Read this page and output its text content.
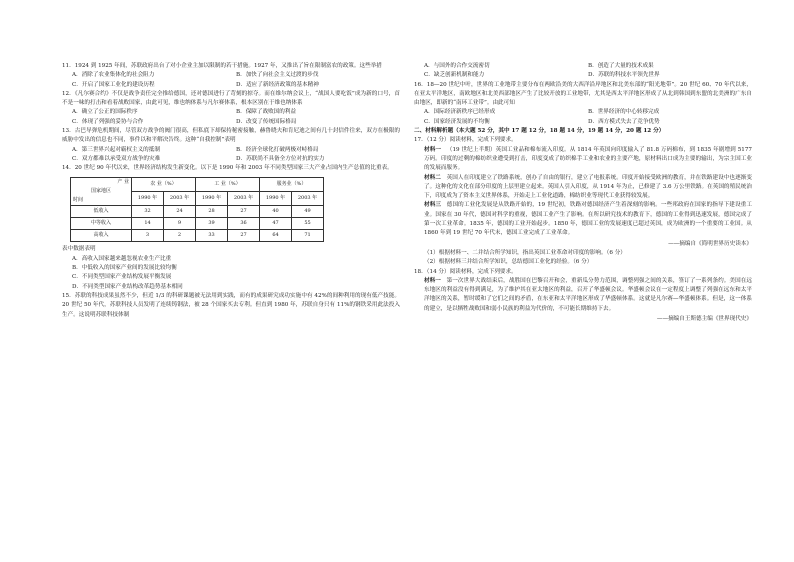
11．1924 到 1925 年间，苏联政府出台了对小企业主加以限制的若干措施。1927 年，又推出了旨在限制富农的政策。这些举措

A．消除了农业集体化的社会阻力	B．加快了向社会主义过渡的步伐
C．开启了国家工业化的建设历程	D．适应了新经济政策的基本精神

12．《凡尔赛合约》不仅是战争责任完全推给德国，还对德国进行了苛刻的掠夺。而在维尔纳会议上，“战国人要吃饭”成为新的口号，首不是一味的打击和看着战败国家，由此可见，维也纳体系与凡尔赛体系，根本区别在于维也纳体系

A．确立了公正的国际秩序	B．保障了战败国的利益
C．体现了列强的妥协与合作	D．改变了传统国际格局

13．古巴导弹危机期间，尽管双方战争的阀门很高，但私底下却保持秘密接触，赫鲁晓夫和肯尼迪之间有几十封信件往来，双方在极限的威胁中发出的信息也不同，事件以和平解决告终。这种“自我控制”表明

A．第三世界兴起对霸权主义的抵制	B．经济全球化打破两极对峙格局
C．双方都难以承受双方战争的灾难	D．苏联尚不具备全方位对抗的实力

14．20 世纪 90 年代以来，世界经济结构发生新变化。以下是 1990 年和 2003 年不同类型国家三大产业占国内生产总值的比重表。

产 业
国家地区
时间	农 业（%）		工 业（%）		服务业（%）	
	1990 年	2003 年	1990 年	2003 年	1990 年	2003 年
低收入	32	24	28	27	40	49
中等收入	14	9	39	36	47	55
高收入	3	2	33	27	64	71

表中数据表明

A．高收入国家越来越忽视农业生产比重
B．中低收入的国家产业间的发展比较均衡
C．不同类型国家产业结构发展平衡发展
D．不同类型国家产业结构改革趋势基本相同

15．苏联的科技成果虽然不少，但近 1/3 的科研课题被无法用到实践，而有的成果研究成功实施中有 42%的间种利用的现有低产技能。20 世纪 50 年代，苏联科技人员发明了连续铸钢法，被 28 个国家买去专利。但直到 1980 年，苏联自身只有 11%的钢铁采用此法投入生产。这说明苏联科技体制

A．与国外的合作交流密切	B．创造了大量的技术成果
C．缺乏创新机制和能力	D．苏联的科技水平领先世界

16．18—20 世纪中叶，世界的工业地带主要分布在两欧沿美的大西洋沿岸地区和北美东部的“阳光地带”。20 世纪 60、70 年代以来，在亚太平洋地区，南欧地区和北美西部地区产生了比较开放的工业地带，尤其是西太平洋地区形成了从北到韩国到东盟的北美洲的广东自由地区，即新的“南环工业带”。由此可知

A．国际经济新秩序已经形成	B．世界经济的中心转移完成
C．国家经济发展的不均衡	D．西方模式失去了竞争优势

二、材料解析题（本大题 52 分，其中 17 题 12 分，18 题 14 分，19 题 14 分，20 题 12 分）

17．（12 分）阅读材料，完成下列要求。

材料一  （19 世纪上半期）英国工业品和棉布流入印度。从 1814 年英国向印度输入了 81.8 万码棉布，到 1835 年剧增到 5177 万码。印度的过剩的棉纺织业遭受到打击，印度变成了纺织棉手工业和农业的主要产地，原材料出口成为主要的输出，为宗主国工业的发展而服务。

材料二  英国人在印度建立了铁路系统，创办了自由的银行，建立了电报系统。印度开始接受欧洲的教育，并在铁路建设中也逐渐变了。这种化的文化在部分印度的上层里建立起来。英国人引入印度，从 1914 年为止，已修建了 3.6 万公里铁路。在英国的殖民统治下，印度成为了资本主义世界体系，开始走上工业化道路，棉纺织业等现代工业获得较发展。

材料三  德国的工业化发展是从铁路开始的，19 世纪初，铁路对德国经济产生着深刻的影响。一些邦政府在国家的指导下建设重工业。国家在 30 年代，德国对科学的重视，德国工业产生了影响。在所以研究技术的教育下，德国的工业得到迅速发展，德国完成了第一次工业革命。1835 年，德国的工业开始起步。1850 年，德国工业的发展速度已超过英国，成为欧洲的一个重要的工业国。从 1860 年到 19 世纪 70 年代末，德国工业完成了工业革命。

——摘编自《简明世界历史读本》

（1）根据材料一、二并结合所学知识，指出英国工业革命对印度的影响。（6 分）

（2）根据材料三并结合所学知识，总结德国工业化的经验。（6 分）

18．（14 分）阅读材料，完成下列要求。

材料一  第一次世界大战结束后，战胜国在巴黎召开和会，重新瓜分势力范围，调整列强之间的关系，签订了一系列条约。美国在远东地区的利益没有得到满足，为了维护其在亚太地区的利益，召开了华盛顿会议。华盛顿会议在一定程度上调整了列强在远东和太平洋地区的关系，暂时缓和了它们之间的矛盾，在东亚和太平洋地区形成了华盛顿体系。这就是凡尔赛—华盛顿体系。但是，这一体系的建立，是以牺牲战败国和弱小民族的利益为代价的，不可能长期维持下去。

——摘编自王斯德主编《世界现代史》
